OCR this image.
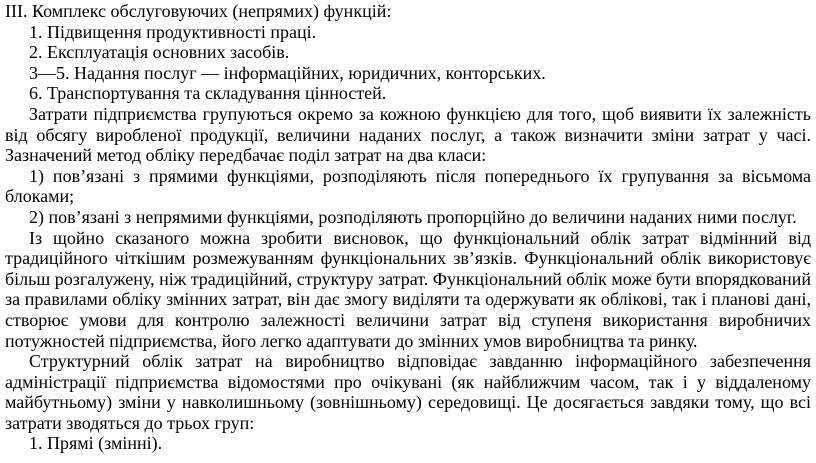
III. Комплекс обслуговуючих (непрямих) функцій:

1. Підвищення продуктивності праці.

2. Експлуатація основних засобів.

3—5. Надання послуг — інформаційних, юридичних, конторських.

6. Транспортування та складування цінностей.

Затрати підприємства групуються окремо за кожною функцією для того, щоб виявити їх залежність від обсягу виробленої продукції, величини наданих послуг, а також визначити зміни затрат у часі. Зазначений метод обліку передбачає поділ затрат на два класи:

1) пов’язані з прямими функціями, розподіляють після попереднього їх групування за вісьмома блоками;

2) пов’язані з непрямими функціями, розподіляють пропорційно до величини наданих ними послуг.

Із щойно сказаного можна зробити висновок, що функціональний облік затрат відмінний від традиційного чіткішим розмежуванням функціональних зв’язків. Функціональний облік використовує більш розгалужену, ніж традиційний, структуру затрат. Функціональний облік може бути впорядкований за правилами обліку змінних затрат, він дає змогу виділяти та одержувати як облікові, так і планові дані, створює умови для контролю залежності величини затрат від ступеня використання виробничих потужностей підприємства, його легко адаптувати до змінних умов виробництва та ринку.

Структурний облік затрат на виробництво відповідає завданню інформаційного забезпечення адміністрації підприємства відомостями про очікувані (як найближчим часом, так і у віддаленому майбутньому) зміни у навколишньому (зовнішньому) середовищі. Це досягається завдяки тому, що всі затрати зводяться до трьох груп:

1. Прямі (змінні).
